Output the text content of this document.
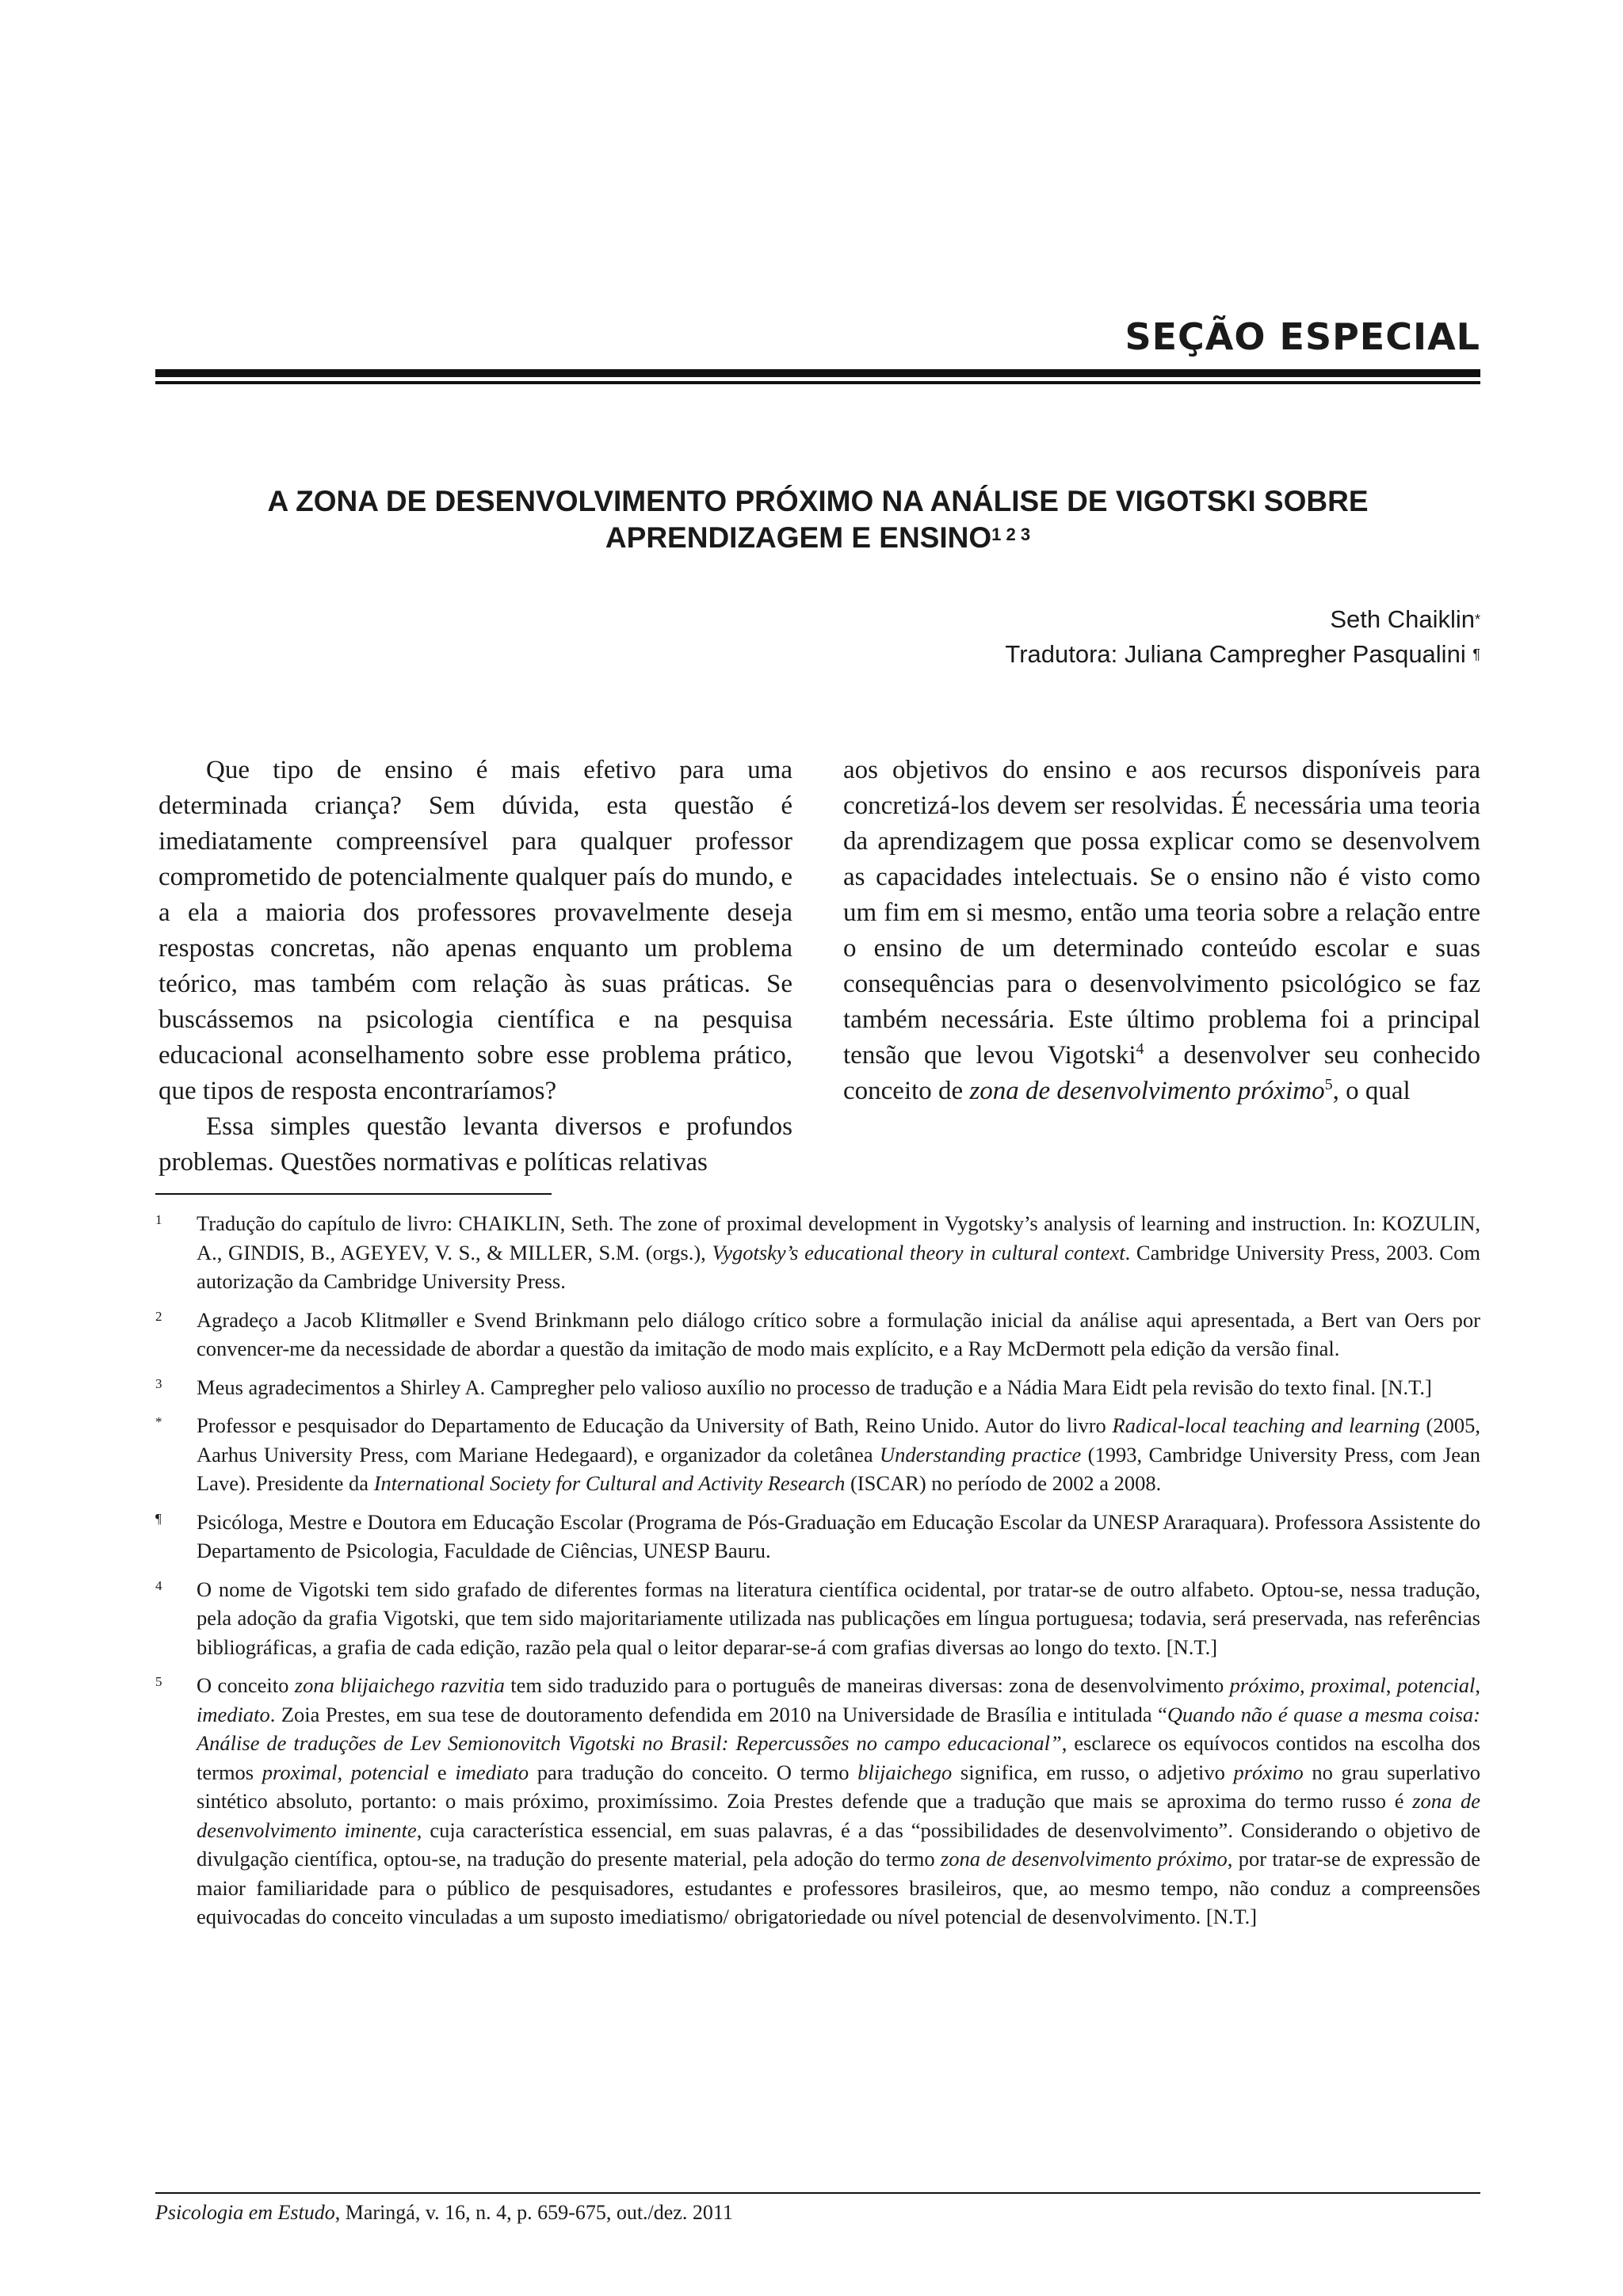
SEÇÃO ESPECIAL
A ZONA DE DESENVOLVIMENTO PRÓXIMO NA ANÁLISE DE VIGOTSKI SOBRE
APRENDIZAGEM E $ENSINO^{1 2 3}$
Seth Chaiklin*
Tradutora: Juliana Campregher Pasqualini ¶

Que tipo de ensino é mais efetivo para uma determinada criança? Sem dúvida, esta questão é imediatamente compreensível para qualquer professor comprometido de potencialmente qualquer país do mundo, e a ela a maioria dos professores provavelmente deseja respostas concretas, não apenas enquanto um problema teórico, mas também com relação às suas práticas. Se buscássemos na psicologia científica e na pesquisa educacional aconselhamento sobre esse problema prático, que tipos de resposta encontraríamos?

Essa simples questão levanta diversos e profundos problemas. Questões normativas e políticas relativas

aos objetivos do ensino e aos recursos disponíveis para concretizá-los devem ser resolvidas. É necessária uma teoria da aprendizagem que possa explicar como se desenvolvem as capacidades intelectuais. Se o ensino não é visto como um fim em si mesmo, então uma teoria sobre a relação entre o ensino de um determinado conteúdo escolar e suas consequências para o desenvolvimento psicológico se faz também necessária. Este último problema foi a principal tensão que levou Vigotski$^4$ a desenvolver seu conhecido conceito de zona de desenvolvimento próximo$^5$, o qual

1 Tradução do capítulo de livro: CHAIKLIN, Seth. The zone of proximal development in Vygotsky’s analysis of learning and instruction. In: KOZULIN, A., GINDIS, B., AGEYEV, V. S., & MILLER, S.M. (orgs.), Vygotsky’s educational theory in cultural context. Cambridge University Press, 2003. Com autorização da Cambridge University Press.
2 Agradeço a Jacob Klitmøller e Svend Brinkmann pelo diálogo crítico sobre a formulação inicial da análise aqui apresentada, a Bert van Oers por convencer-me da necessidade de abordar a questão da imitação de modo mais explícito, e a Ray McDermott pela edição da versão final.
3 Meus agradecimentos a Shirley A. Campregher pelo valioso auxílio no processo de tradução e a Nádia Mara Eidt pela revisão do texto final. [N.T.]
* Professor e pesquisador do Departamento de Educação da University of Bath, Reino Unido. Autor do livro Radical-local teaching and learning (2005, Aarhus University Press, com Mariane Hedegaard), e organizador da coletânea Understanding practice (1993, Cambridge University Press, com Jean Lave). Presidente da International Society for Cultural and Activity Research (ISCAR) no período de 2002 a 2008.
¶ Psicóloga, Mestre e Doutora em Educação Escolar (Programa de Pós-Graduação em Educação Escolar da UNESP Araraquara). Professora Assistente do Departamento de Psicologia, Faculdade de Ciências, UNESP Bauru.
4 O nome de Vigotski tem sido grafado de diferentes formas na literatura científica ocidental, por tratar-se de outro alfabeto. Optou-se, nessa tradução, pela adoção da grafia Vigotski, que tem sido majoritariamente utilizada nas publicações em língua portuguesa; todavia, será preservada, nas referências bibliográficas, a grafia de cada edição, razão pela qual o leitor deparar-se-á com grafias diversas ao longo do texto. [N.T.]
5 O conceito zona blijaichego razvitia tem sido traduzido para o português de maneiras diversas: zona de desenvolvimento próximo, proximal, potencial, imediato. Zoia Prestes, em sua tese de doutoramento defendida em 2010 na Universidade de Brasília e intitulada “Quando não é quase a mesma coisa: Análise de traduções de Lev Semionovitch Vigotski no Brasil: Repercussões no campo educacional”, esclarece os equívocos contidos na escolha dos termos proximal, potencial e imediato para tradução do conceito. O termo blijaichego significa, em russo, o adjetivo próximo no grau superlativo sintético absoluto, portanto: o mais próximo, proximíssimo. Zoia Prestes defende que a tradução que mais se aproxima do termo russo é zona de desenvolvimento iminente, cuja característica essencial, em suas palavras, é a das “possibilidades de desenvolvimento”. Considerando o objetivo de divulgação científica, optou-se, na tradução do presente material, pela adoção do termo zona de desenvolvimento próximo, por tratar-se de expressão de maior familiaridade para o público de pesquisadores, estudantes e professores brasileiros, que, ao mesmo tempo, não conduz a compreensões equivocadas do conceito vinculadas a um suposto imediatismo/ obrigatoriedade ou nível potencial de desenvolvimento. [N.T.]
Psicologia em Estudo, Maringá, v. 16, n. 4, p. 659-675, out./dez. 2011
